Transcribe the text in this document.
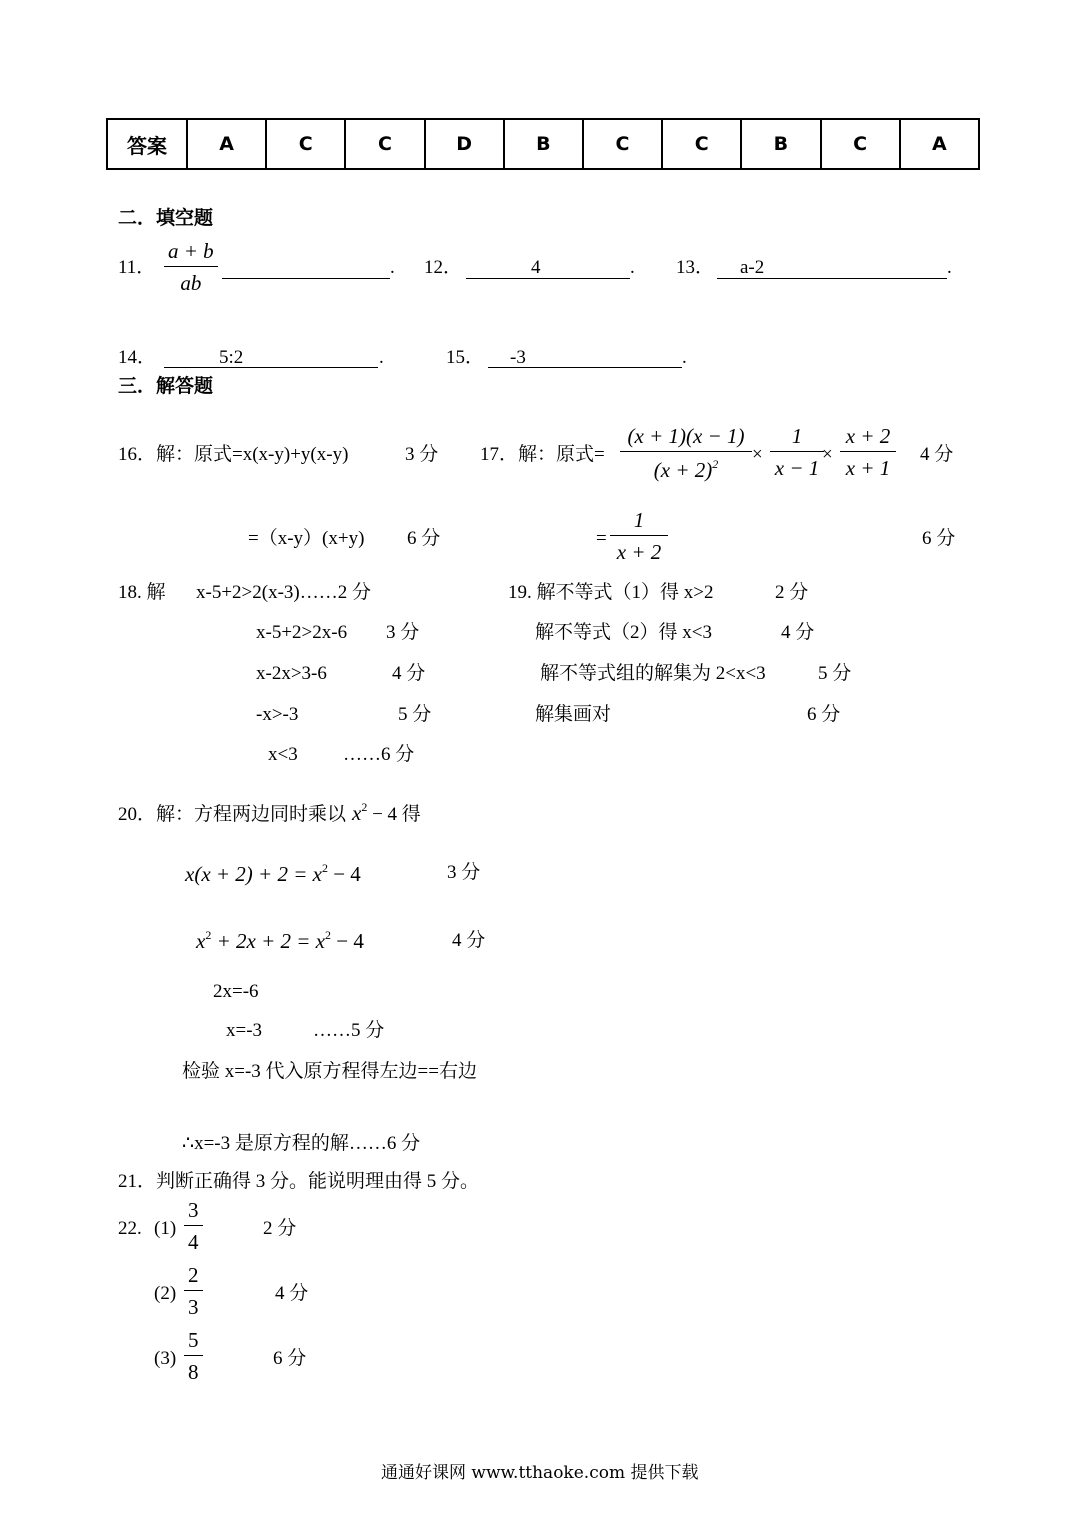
答案	A	C	C	D	B	C	C	B	C	A
二．填空题
11．
a + b
ab
. 12．	4	. 13． a-2	.
14．	5:2	.	15． -3	.
三．解答题
16．解：原式=x(x-y)+y(x-y)	3 分
=（x-y）(x+y) 6 分
17．解：原式=
(x + 1)(x − 1)
$(x + 2)^2$ ×
1
x − 1
×
x + 2
x + 1
4 分
=
1
x + 2
6 分
18. 解 x-5+2>2(x-3)……2 分
x-5+2>2x-6 3 分
x-2x>3-6	4 分
-x>-3	5 分
x<3 ……6 分
19. 解不等式（1）得 x>2	2 分
解不等式（2）得 x<3	4 分
解不等式组的解集为 2<x<3	5 分
解集画对	6 分
20．解：方程两边同时乘以 $x^2 - 4$ 得
$x(x + 2) + 2 = x^2 - 4$	3 分
$x^2 + 2x + 2 = x^2 - 4$	4 分
2x=-6
x=-3	……5 分
检验 x=-3 代入原方程得左边==右边
∴x=-3 是原方程的解……6 分
21．判断正确得 3 分。能说明理由得 5 分。
22. (1)
3
4
2 分
(2)
2
3
4 分
(3)
5
8
6 分
通通好课网 www.tthaoke.com 提供下载
